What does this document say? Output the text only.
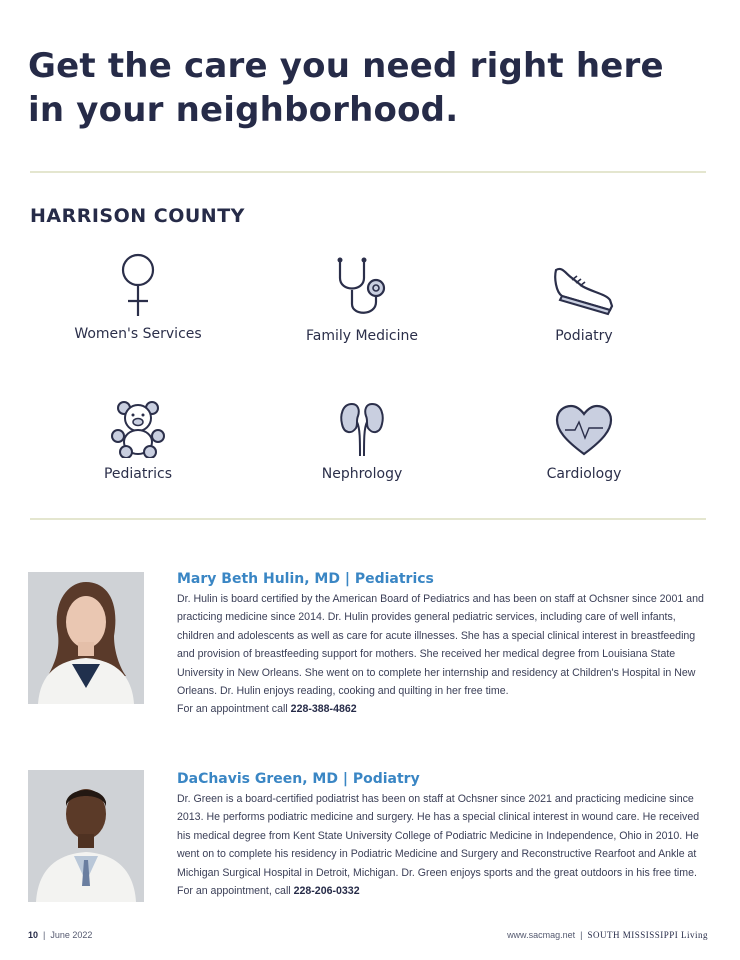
Get the care you need right here
in your neighborhood.
HARRISON COUNTY
Women's Services	Family Medicine	Podiatry
Pediatrics	Nephrology	Cardiology
Mary Beth Hulin, MD | Pediatrics
Dr. Hulin is board certified by the American Board of Pediatrics and has been on staff at Ochsner since 2001 and practicing medicine since 2014. Dr. Hulin provides general pediatric services, including care of well infants, children and adolescents as well as care for acute illnesses. She has a special clinical interest in breastfeeding and provision of breastfeeding support for mothers. She received her medical degree from Louisiana State University in New Orleans. She went on to complete her internship and residency at Children's Hospital in New Orleans. Dr. Hulin enjoys reading, cooking and quilting in her free time.
For an appointment call 228-388-4862
DaChavis Green, MD | Podiatry
Dr. Green is a board-certified podiatrist has been on staff at Ochsner since 2021 and practicing medicine since 2013. He performs podiatric medicine and surgery. He has a special clinical interest in wound care. He received his medical degree from Kent State University College of Podiatric Medicine in Independence, Ohio in 2010. He went on to complete his residency in Podiatric Medicine and Surgery and Reconstructive Rearfoot and Ankle at Michigan Surgical Hospital in Detroit, Michigan. Dr. Green enjoys sports and the great outdoors in his free time.
For an appointment, call 228-206-0332
10  |  June 2022	www.sacmag.net  |  SOUTH MISSISSIPPI Living
